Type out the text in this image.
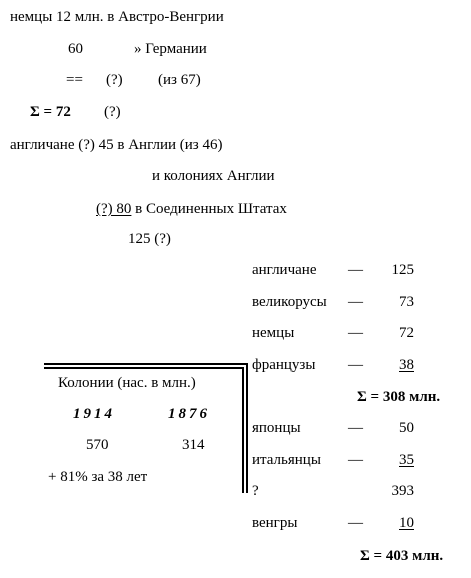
немцы 12 млн. в Австро-Венгрии
60	» Германии
== (?) (из 67)
Σ = 72 (?)
англичане (?) 45 в Англии (из 46)
и колониях Англии
(?) 80 в Соединенных Штатах
125 (?)
англичане —	125
великорусы —	73
немцы	—	72
французы —	38
Σ = 308 млн.
японцы	—	50
итальянцы —	35
?	393
венгры	—	10
Σ = 403 млн.
Колонии (нас. в млн.)
1914	1876
570	314
+ 81% за 38 лет
